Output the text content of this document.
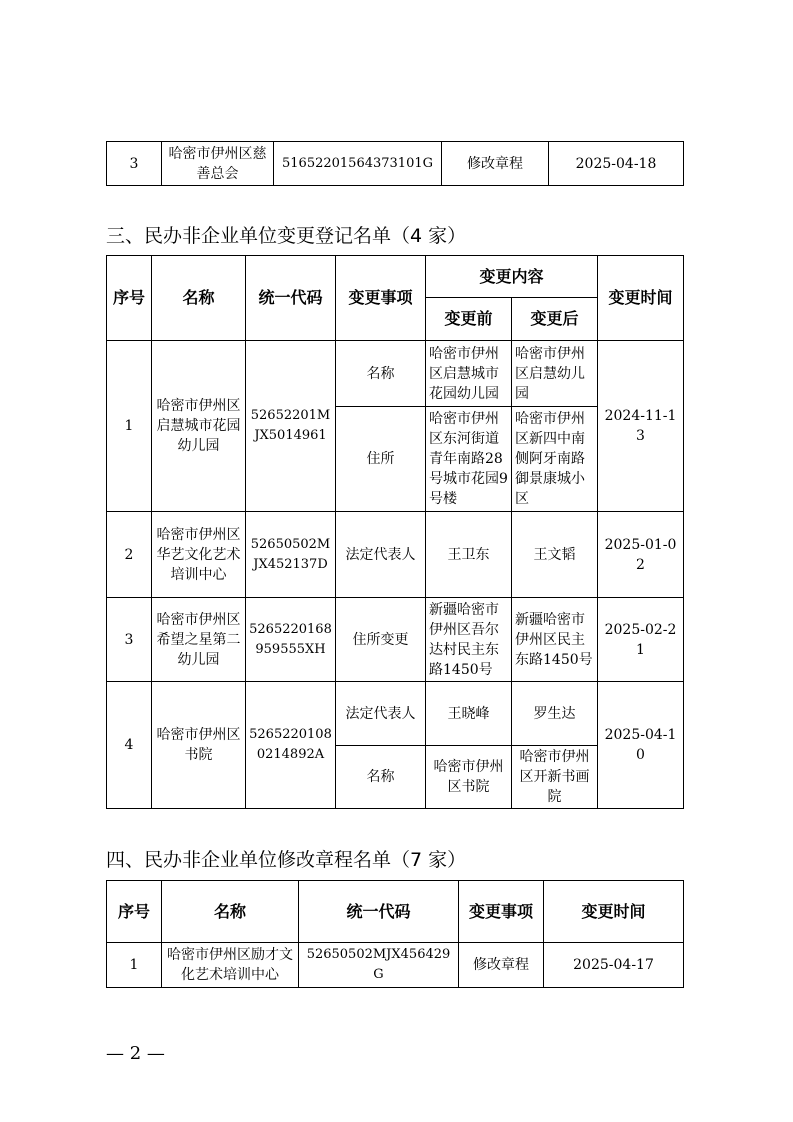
3	哈密市伊州区慈善总会	51652201564373101G	修改章程	2025-04-18
三、民办非企业单位变更登记名单（4 家）
序号	名称	统一代码	变更事项	变更内容		变更时间
				变更前	变更后	
1	哈密市伊州区启慧城市花园幼儿园	52652201MJX5014961	名称	哈密市伊州区启慧城市花园幼儿园	哈密市伊州区启慧幼儿园	2024-11-13
			住所	哈密市伊州区东河街道青年南路28号城市花园9号楼	哈密市伊州区新四中南侧阿牙南路御景康城小区	
2	哈密市伊州区华艺文化艺术培训中心	52650502MJX452137D	法定代表人	王卫东	王文韬	2025-01-02
3	哈密市伊州区希望之星第二幼儿园	5265220168959555XH	住所变更	新疆哈密市伊州区吾尔达村民主东路1450号	新疆哈密市伊州区民主东路1450号	2025-02-21
4	哈密市伊州区书院	52652201080214892A	法定代表人	王晓峰	罗生达	2025-04-10
			名称	哈密市伊州区书院	哈密市伊州区开新书画院	
四、民办非企业单位修改章程名单（7 家）
序号	名称	统一代码	变更事项	变更时间
1	哈密市伊州区励才文化艺术培训中心	52650502MJX456429G	修改章程	2025-04-17
— 2 —
